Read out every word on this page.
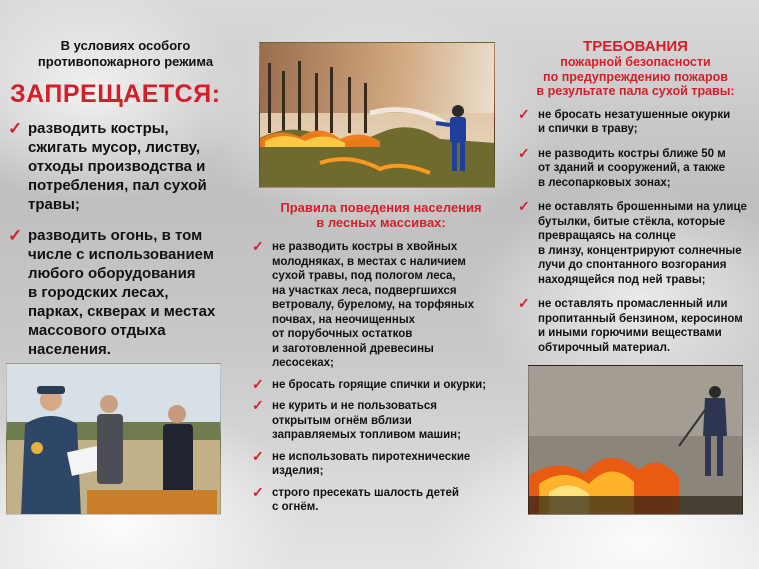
В условиях особого
противопожарного режима
ЗАПРЕЩАЕТСЯ:
✓ разводить костры,
сжигать мусор, листву,
отходы производства и
потребления, пал сухой
травы;
✓ разводить огонь, в том
числе с использованием
любого оборудования
в городских лесах,
парках, скверах и местах
массового отдыха
населения.
Правила поведения населения
в лесных массивах:
✓ не разводить костры в хвойных
молодняках, в местах с наличием
сухой травы, под пологом леса,
на участках леса, подвергшихся
ветровалу, бурелому, на торфяных
почвах, на неочищенных
от порубочных остатков
и заготовленной древесины
лесосеках;
✓ не бросать горящие спички и окурки;
✓ не курить и не пользоваться
открытым огнём вблизи
заправляемых топливом машин;
✓ не использовать пиротехнические
изделия;
✓ строго пресекать шалость детей
с огнём.
ТРЕБОВАНИЯ
пожарной безопасности
по предупреждению пожаров
в результате пала сухой травы:
✓ не бросать незатушенные окурки
и спички в траву;
✓ не разводить костры ближе 50 м
от зданий и сооружений, а также
в лесопарковых зонах;
✓ не оставлять брошенными на улице
бутылки, битые стёкла, которые
превращаясь на солнце
в линзу, концентрируют солнечные
лучи до спонтанного возгорания
находящейся под ней травы;
✓ не оставлять промасленный или
пропитанный бензином, керосином
и иными горючими веществами
обтирочный материал.
